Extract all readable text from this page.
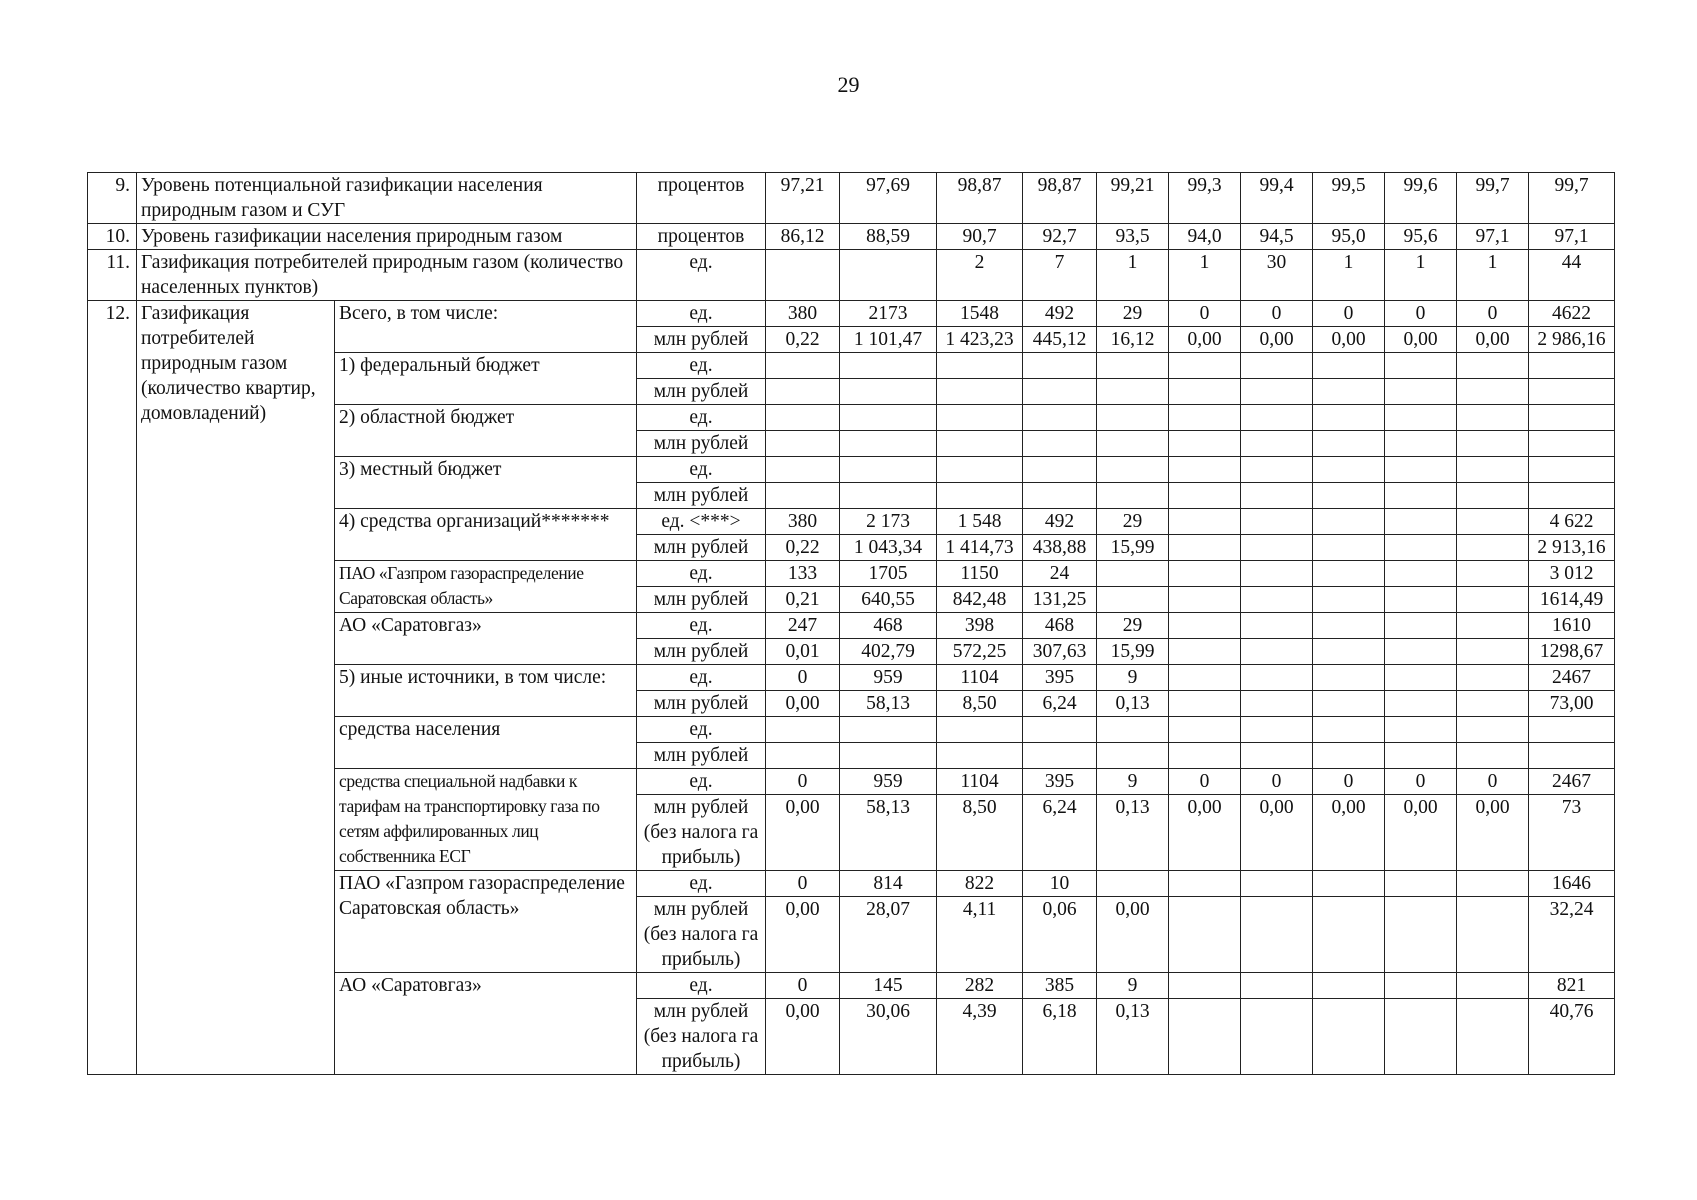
29
9.	Уровень потенциальной газификации населения природным газом и СУГ		процентов	97,21	97,69	98,87	98,87	99,21	99,3	99,4	99,5	99,6	99,7	99,7
10.	Уровень газификации населения природным газом		процентов	86,12	88,59	90,7	92,7	93,5	94,0	94,5	95,0	95,6	97,1	97,1
11.	Газификация потребителей природным газом (количество населенных пунктов)		ед.			2	7	1	1	30	1	1	1	44
12.	Газификация потребителей природным газом (количество квартир, домовладений)	Всего, в том числе:	ед.	380	2173	1548	492	29	0	0	0	0	0	4622
			млн рублей	0,22	1 101,47	1 423,23	445,12	16,12	0,00	0,00	0,00	0,00	0,00	2 986,16
		1) федеральный бюджет	ед.											
			млн рублей											
		2) областной бюджет	ед.											
			млн рублей											
		3) местный бюджет	ед.											
			млн рублей											
		4) средства организаций*******	ед. <***>	380	2 173	1 548	492	29						4 622
			млн рублей	0,22	1 043,34	1 414,73	438,88	15,99						2 913,16
		ПАО «Газпром газораспределение Саратовская область»	ед.	133	1705	1150	24							3 012
			млн рублей	0,21	640,55	842,48	131,25							1614,49
		АО «Саратовгаз»	ед.	247	468	398	468	29						1610
			млн рублей	0,01	402,79	572,25	307,63	15,99						1298,67
		5) иные источники, в том числе:	ед.	0	959	1104	395	9						2467
			млн рублей	0,00	58,13	8,50	6,24	0,13						73,00
		средства населения	ед.											
			млн рублей											
		средства специальной надбавки к тарифам на транспортировку газа по сетям аффилированных лиц собственника ЕСГ	ед.	0	959	1104	395	9	0	0	0	0	0	2467
			млн рублей (без налога га прибыль)	0,00	58,13	8,50	6,24	0,13	0,00	0,00	0,00	0,00	0,00	73
		ПАО «Газпром газораспределение Саратовская область»	ед.	0	814	822	10							1646
			млн рублей (без налога га прибыль)	0,00	28,07	4,11	0,06	0,00						32,24
		АО «Саратовгаз»	ед.	0	145	282	385	9						821
			млн рублей (без налога га прибыль)	0,00	30,06	4,39	6,18	0,13						40,76
